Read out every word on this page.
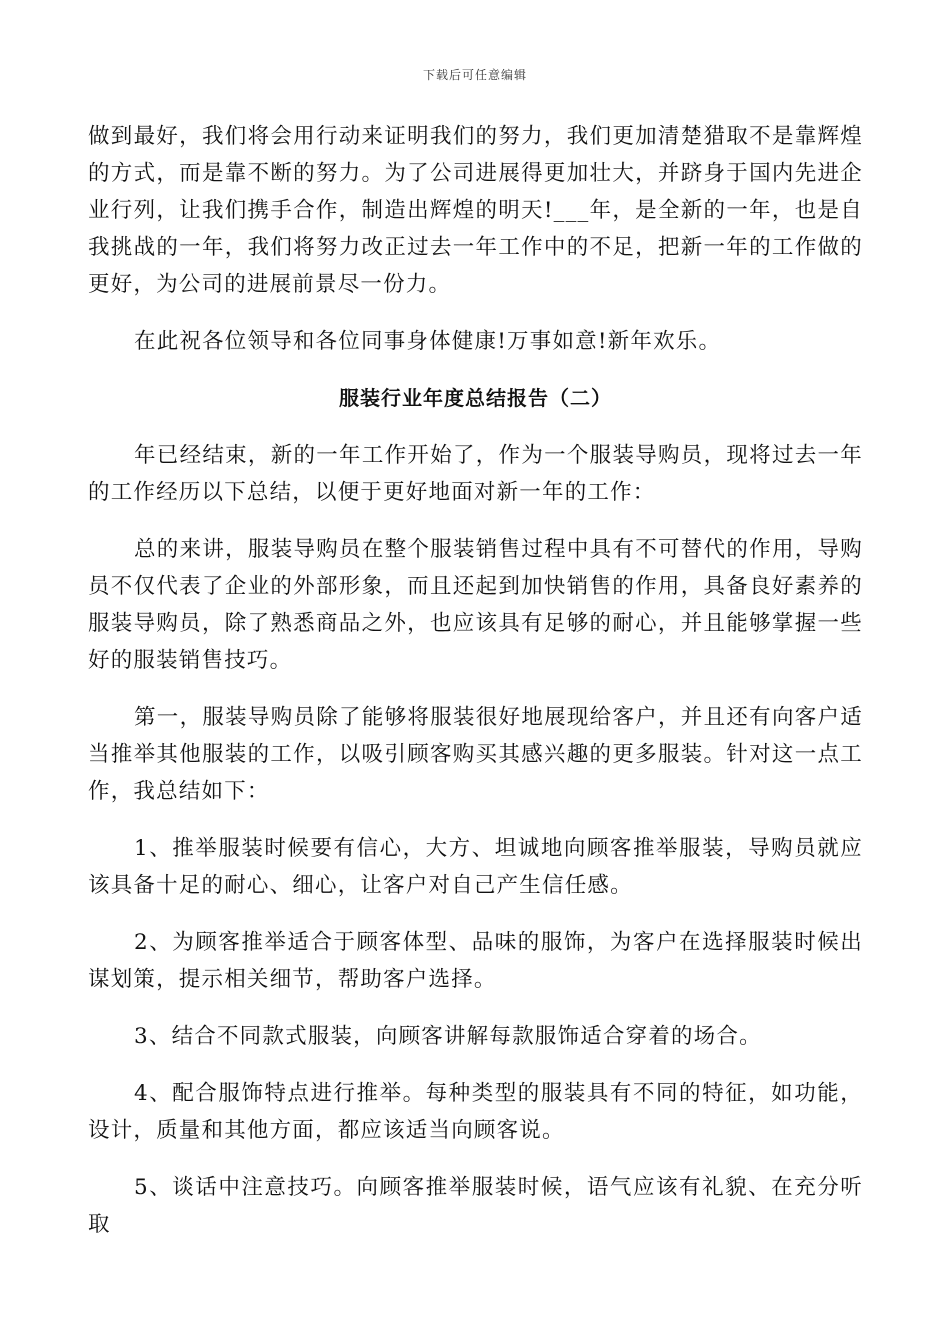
下载后可任意编辑

做到最好，我们将会用行动来证明我们的努力，我们更加清楚猎取不是靠辉煌的方式，而是靠不断的努力。为了公司进展得更加壮大，并跻身于国内先进企业行列，让我们携手合作，制造出辉煌的明天!___年，是全新的一年，也是自我挑战的一年，我们将努力改正过去一年工作中的不足，把新一年的工作做的更好，为公司的进展前景尽一份力。

在此祝各位领导和各位同事身体健康!万事如意!新年欢乐。

服装行业年度总结报告（二）

年已经结束，新的一年工作开始了，作为一个服装导购员，现将过去一年的工作经历以下总结，以便于更好地面对新一年的工作：

总的来讲，服装导购员在整个服装销售过程中具有不可替代的作用，导购员不仅代表了企业的外部形象，而且还起到加快销售的作用，具备良好素养的服装导购员，除了熟悉商品之外，也应该具有足够的耐心，并且能够掌握一些好的服装销售技巧。

第一，服装导购员除了能够将服装很好地展现给客户，并且还有向客户适当推举其他服装的工作，以吸引顾客购买其感兴趣的更多服装。针对这一点工作，我总结如下：

1、推举服装时候要有信心，大方、坦诚地向顾客推举服装，导购员就应该具备十足的耐心、细心，让客户对自己产生信任感。

2、为顾客推举适合于顾客体型、品味的服饰，为客户在选择服装时候出谋划策，提示相关细节，帮助客户选择。

3、结合不同款式服装，向顾客讲解每款服饰适合穿着的场合。

4、配合服饰特点进行推举。每种类型的服装具有不同的特征，如功能，设计，质量和其他方面，都应该适当向顾客说。

5、谈话中注意技巧。向顾客推举服装时候，语气应该有礼貌、在充分听取
